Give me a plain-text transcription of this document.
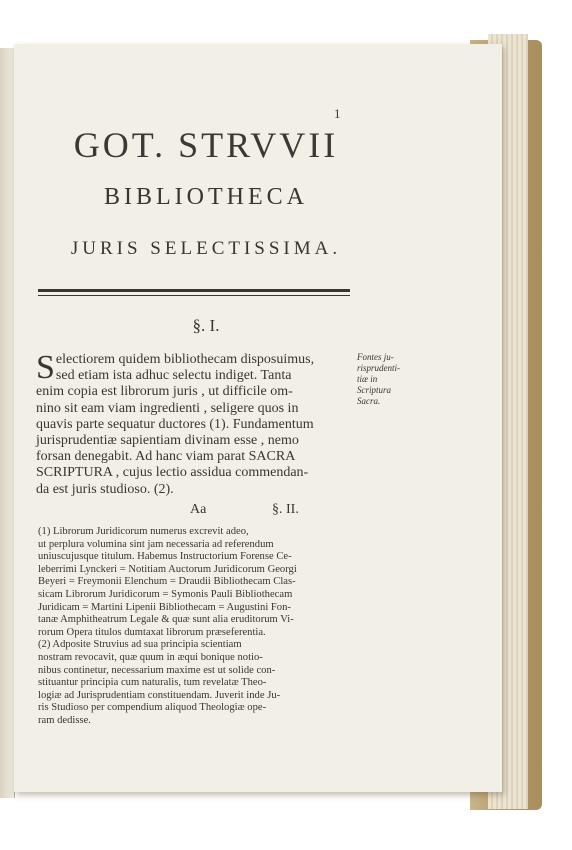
1
GOT. STRVVII
BIBLIOTHECA
JURIS SELECTISSIMA.
§. I.
Fontes ju-
risprudenti-
tiæ in
Scriptura
Sacra.
S electiorem quidem bibliothecam disposuimus,
sed etiam ista adhuc selectu indiget. Tanta
enim copia est librorum juris , ut difficile om-
nino sit eam viam ingredienti , seligere quos in
quavis parte sequatur ductores (1). Fundamentum
jurisprudentiæ sapientiam divinam esse , nemo
forsan denegabit. Ad hanc viam parat SACRA
SCRIPTURA , cujus lectio assidua commendan-
da est juris studioso. (2).
Aa	§. II.
(1) Librorum Juridicorum numerus excrevit adeo,
ut perplura volumina sint jam necessaria ad referendum
uniuscujusque titulum. Habemus Instructorium Forense Ce-
leberrimi Lynckeri = Notitiam Auctorum Juridicorum Georgi
Beyeri = Freymonii Elenchum = Draudii Bibliothecam Clas-
sicam Librorum Juridicorum = Symonis Pauli Bibliothecam
Juridicam = Martini Lipenii Bibliothecam = Augustini Fon-
tanæ Amphitheatrum Legale & quæ sunt alia eruditorum Vi-
rorum Opera titulos dumtaxat librorum præseferentia.
(2) Adposite Struvius ad sua principia scientiam
nostram revocavit, quæ quum in æqui bonique notio-
nibus continetur, necessarium maxime est ut solide con-
stituantur principia cum naturalis, tum revelatæ Theo-
logiæ ad Jurisprudentiam constituendam. Juverit inde Ju-
ris Studioso per compendium aliquod Theologiæ ope-
ram dedisse.
